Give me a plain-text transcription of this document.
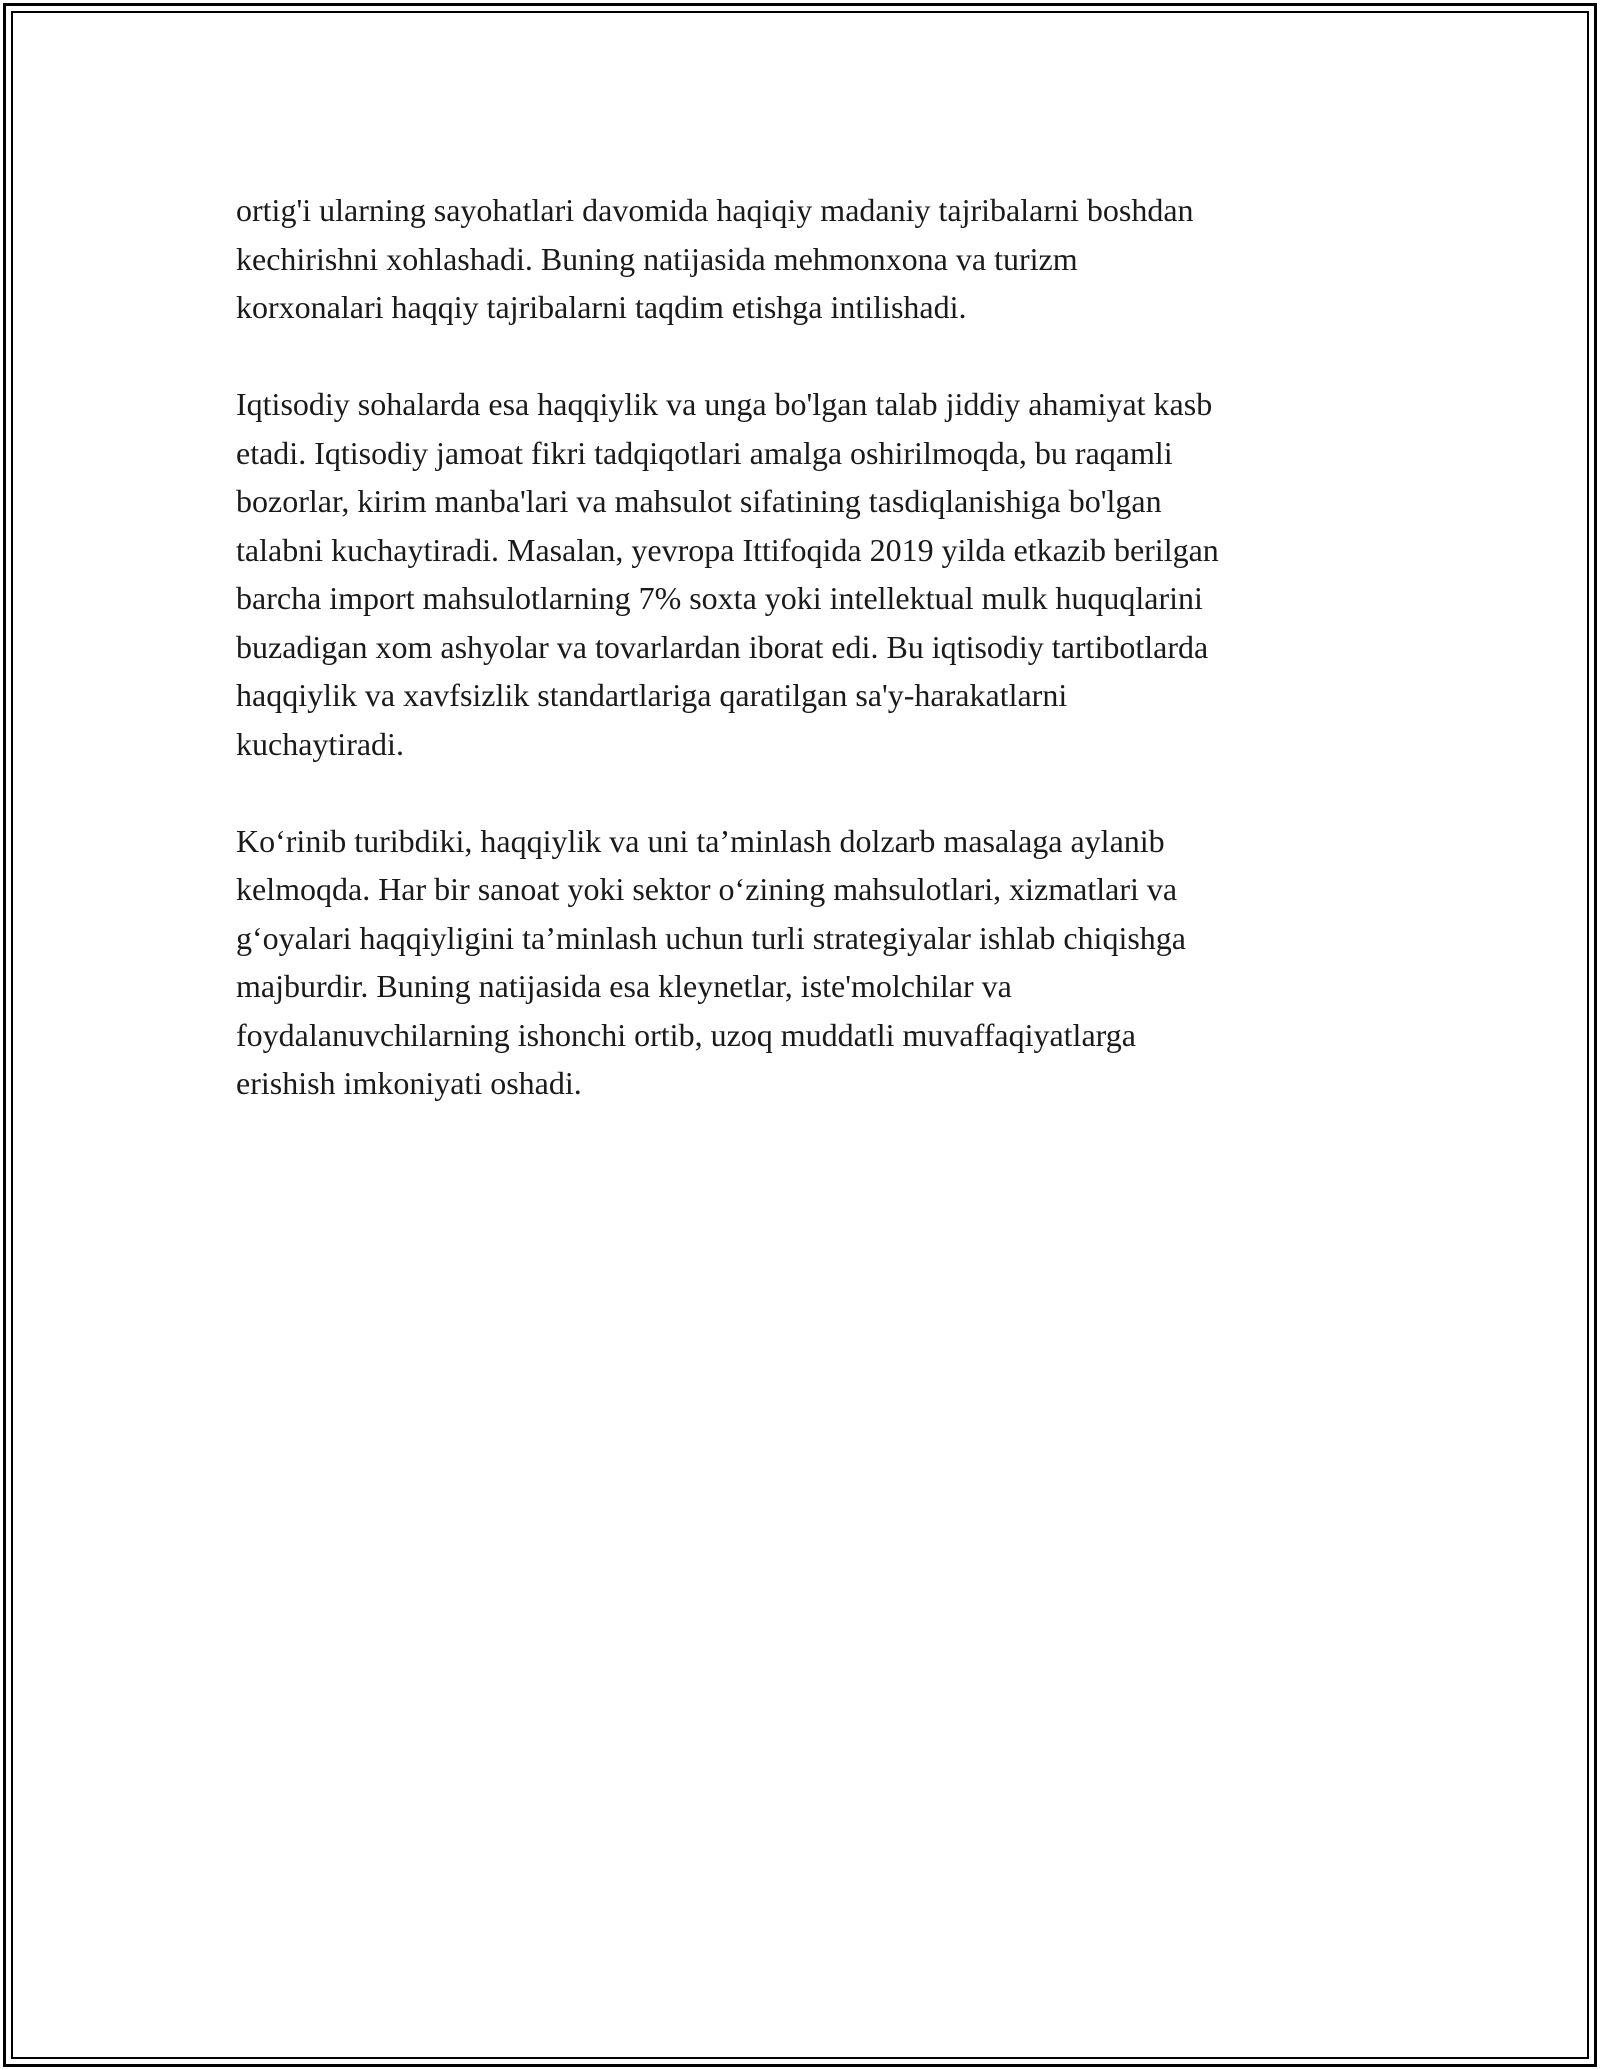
ortig'i ularning sayohatlari davomida haqiqiy madaniy tajribalarni boshdan
kechirishni xohlashadi. Buning natijasida mehmonxona va turizm
korxonalari haqqiy tajribalarni taqdim etishga intilishadi.

Iqtisodiy sohalarda esa haqqiylik va unga bo'lgan talab jiddiy ahamiyat kasb
etadi. Iqtisodiy jamoat fikri tadqiqotlari amalga oshirilmoqda, bu raqamli
bozorlar, kirim manba'lari va mahsulot sifatining tasdiqlanishiga bo'lgan
talabni kuchaytiradi. Masalan, yevropa Ittifoqida 2019 yilda etkazib berilgan
barcha import mahsulotlarning 7% soxta yoki intellektual mulk huquqlarini
buzadigan xom ashyolar va tovarlardan iborat edi. Bu iqtisodiy tartibotlarda
haqqiylik va xavfsizlik standartlariga qaratilgan sa'y-harakatlarni
kuchaytiradi.

Ko‘rinib turibdiki, haqqiylik va uni ta’minlash dolzarb masalaga aylanib
kelmoqda. Har bir sanoat yoki sektor o‘zining mahsulotlari, xizmatlari va
g‘oyalari haqqiyligini ta’minlash uchun turli strategiyalar ishlab chiqishga
majburdir. Buning natijasida esa kleynetlar, iste'molchilar va
foydalanuvchilarning ishonchi ortib, uzoq muddatli muvaffaqiyatlarga
erishish imkoniyati oshadi.
